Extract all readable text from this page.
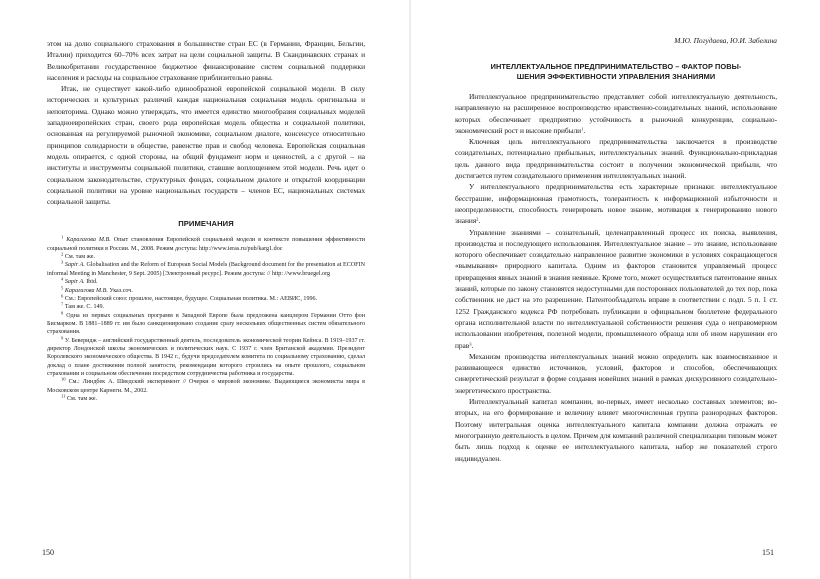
этом на долю социального страхования в большинстве стран ЕС (в Германии, Франции, Бельгии, Италии) приходится 60–70% всех затрат на цели социальной защиты. В Скандинавских странах и Великобритании государственное бюджетное финансирование систем социальной поддержки населения и расходы на социальное страхование приблизительно равны.

Итак, не существует какой-либо единообразной европейской социальной модели. В силу исторических и культурных различий каждая национальная социальная модель оригинальна и неповторима. Однако можно утверждать, что имеется единство многообразия социальных моделей западноевропейских стран, своего рода европейская модель общества и социальной политики, основанная на регулируемой рыночной экономике, социальном диалоге, консенсусе относительно принципов солидарности в обществе, равенстве прав и свобод человека. Европейская социальная модель опирается, с одной стороны, на общий фундамент норм и ценностей, а с другой – на институты и инструменты социальной политики, ставшие воплощением этой модели. Речь идет о социальном законодательстве, структурных фондах, социальном диалоге и открытой координации социальной политики на уровне национальных государств – членов ЕС, национальных системах социальной защиты.

ПРИМЕЧАНИЯ

$^1$ Карагагова М.В. Опыт становления Европейской социальной модели в контексте повышения эффективности социальной политики в России. М., 2008. Режим доступа: http://www.ieras.ru/pub/karg1.doc

$^2$ См. там же.

$^3$ Sapir A. Globalisation and the Reform of European Social Models (Background document for the presentation at ECOFIN informal Meeting in Manchester, 9 Sept. 2005) [Электронный ресурс]. Режим доступа: // http: //www.bruegel.org

$^4$ Sapir A. Ibid.

$^5$ Карагагова М.В. Указ.соч.

$^6$ См.: Европейский союз: прошлое, настоящее, будущее. Социальная политика. М.: АЕВИС, 1996.

$^7$ Там же. С. 149.

$^8$ Одна из первых социальных программ в Западной Европе была предложена канцлером Германии Отто фон Бисмарком. В 1881–1889 гг. им было санкционировано создание сразу нескольких общественных систем обязательного страхования.

$^9$ У. Беверидж – английский государственный деятель, последователь экономической теории Кейнса. В 1919–1937 гг. директор Лондонской школы экономических и политических наук. С 1937 г. член Британской академии. Президент Королевского экономического общества. В 1942 г., будучи председателем комитета по социальному страхованию, сделал доклад о плане достижения полной занятости, рекомендации которого строились на опыте прошлого, социальном страховании и социальном обеспечении посредством сотрудничества работника и государства.

$^{10}$ См.: Линдбек А. Шведский эксперимент // Очерки о мировой экономике. Выдающиеся экономисты мира в Московском центре Карнеги. М., 2002.

$^{11}$ См. там же.

150
М.Ю. Погудаева, Ю.И. Забелина
ИНТЕЛЛЕКТУАЛЬНОЕ ПРЕДПРИНИМАТЕЛЬСТВО – ФАКТОР ПОВЫ-
ШЕНИЯ ЭФФЕКТИВНОСТИ УПРАВЛЕНИЯ ЗНАНИЯМИ

Интеллектуальное предпринимательство представляет собой интеллектуальную деятельность, направленную на расширенное воспроизводство нравственно-созидательных знаний, использование которых обеспечивает предприятию устойчивость в рыночной конкуренции, социально-экономический рост и высокие прибыли$^1$.

Ключевая цель интеллектуального предпринимательства заключается в производстве созидательных, потенциально прибыльных, интеллектуальных знаний. Функционально-прикладная цель данного вида предпринимательства состоит в получении экономической прибыли, что достигается путем созидательного применения интеллектуальных знаний.

У интеллектуального предпринимательства есть характерные признаки: интеллектуальное бесстрашие, информационная грамотность, толерантность к информационной избыточности и неопределенности, способность генерировать новое знание, мотивация к генерированию нового знания$^2$.

Управление знаниями – сознательный, целенаправленный процесс их поиска, выявления, производства и последующего использования. Интеллектуальное знание – это знание, использование которого обеспечивает созидательно направленное развитие экономики в условиях сокращающегося «вымывания» природного капитала. Одним из факторов становится управляемый процесс превращения явных знаний в знания неявные. Кроме того, может осуществляться патентование явных знаний, которые по закону становятся недоступными для посторонних пользователей до тех пор, пока собственник не даст на это разрешение. Патентообладатель вправе в соответствии с подп. 5 п. 1 ст. 1252 Гражданского кодекса РФ потребовать публикации в официальном бюллетене федерального органа исполнительной власти по интеллектуальной собственности решения суда о неправомерном использовании изобретения, полезной модели, промышленного образца или об ином нарушении его прав$^3$.

Механизм производства интеллектуальных знаний можно определить как взаимосвязанное и развивающееся единство источников, условий, факторов и способов, обеспечивающих синергетический результат в форме создания новейших знаний в рамках дискурсивного созидательно-энергетического пространства.

Интеллектуальный капитал компании, во-первых, имеет несколько составных элементов; во-вторых, на его формирование и величину влияет многочисленная группа разнородных факторов. Поэтому интегральная оценка интеллектуального капитала компании должна отражать ее многогранную деятельность в целом. Причем для компаний различной специализации типовым может быть лишь подход к оценке ее интеллектуального капитала, набор же показателей строго индивидуален.

151
